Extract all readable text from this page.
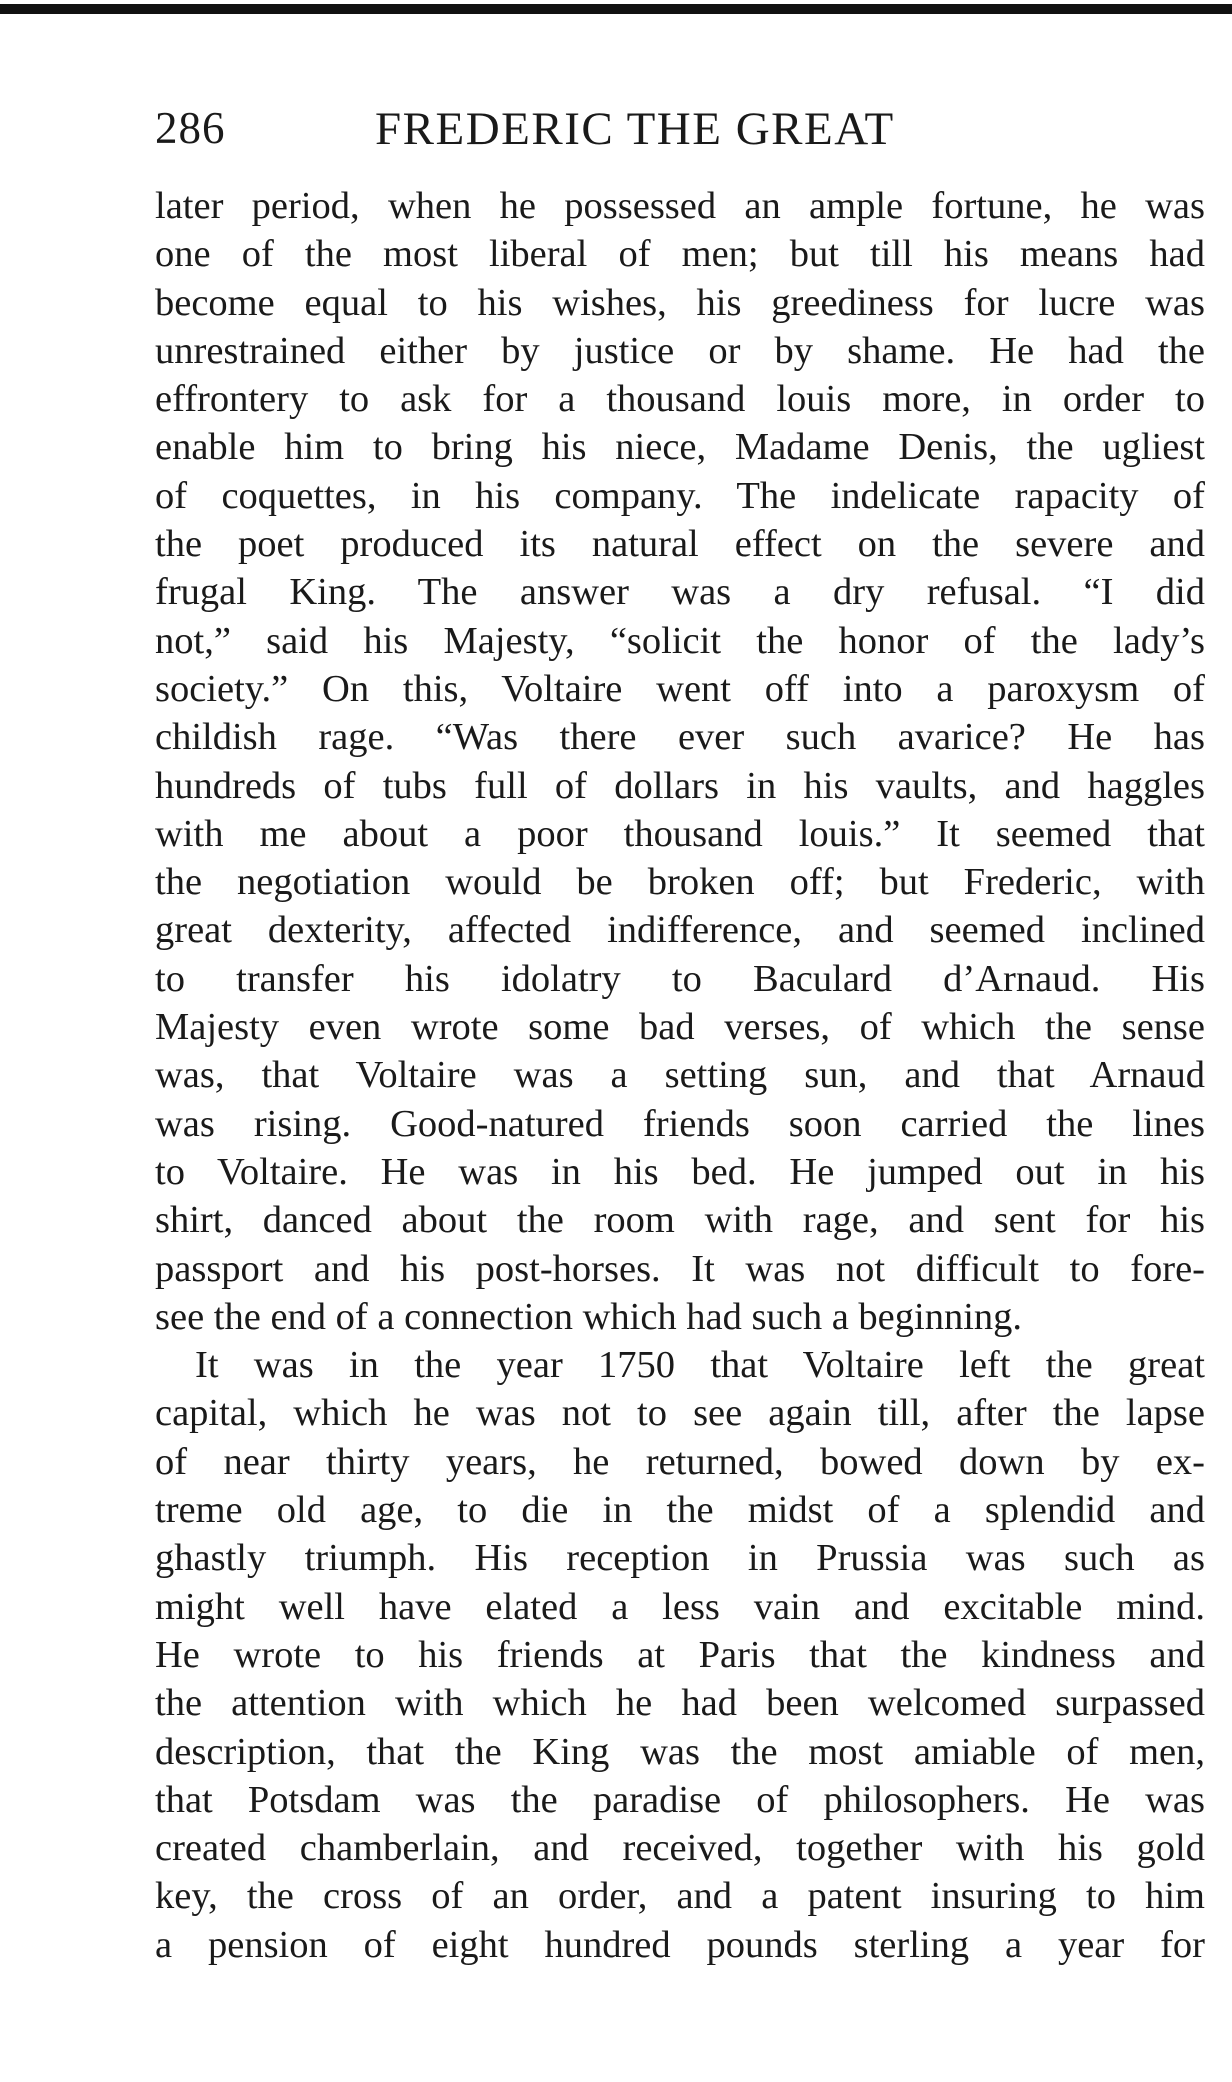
286	FREDERIC THE GREAT
later period, when he possessed an ample fortune, he was
one of the most liberal of men; but till his means had
become equal to his wishes, his greediness for lucre was
unrestrained either by justice or by shame. He had the
effrontery to ask for a thousand louis more, in order to
enable him to bring his niece, Madame Denis, the ugliest
of coquettes, in his company. The indelicate rapacity of
the poet produced its natural effect on the severe and
frugal King. The answer was a dry refusal. “I did
not,” said his Majesty, “solicit the honor of the lady’s
society.” On this, Voltaire went off into a paroxysm of
childish rage. “Was there ever such avarice? He has
hundreds of tubs full of dollars in his vaults, and haggles
with me about a poor thousand louis.” It seemed that
the negotiation would be broken off; but Frederic, with
great dexterity, affected indifference, and seemed inclined
to transfer his idolatry to Baculard d’Arnaud. His
Majesty even wrote some bad verses, of which the sense
was, that Voltaire was a setting sun, and that Arnaud
was rising. Good-natured friends soon carried the lines
to Voltaire. He was in his bed. He jumped out in his
shirt, danced about the room with rage, and sent for his
passport and his post-horses. It was not difficult to fore-
see the end of a connection which had such a beginning.
It was in the year 1750 that Voltaire left the great
capital, which he was not to see again till, after the lapse
of near thirty years, he returned, bowed down by ex-
treme old age, to die in the midst of a splendid and
ghastly triumph. His reception in Prussia was such as
might well have elated a less vain and excitable mind.
He wrote to his friends at Paris that the kindness and
the attention with which he had been welcomed surpassed
description, that the King was the most amiable of men,
that Potsdam was the paradise of philosophers. He was
created chamberlain, and received, together with his gold
key, the cross of an order, and a patent insuring to him
a pension of eight hundred pounds sterling a year for
